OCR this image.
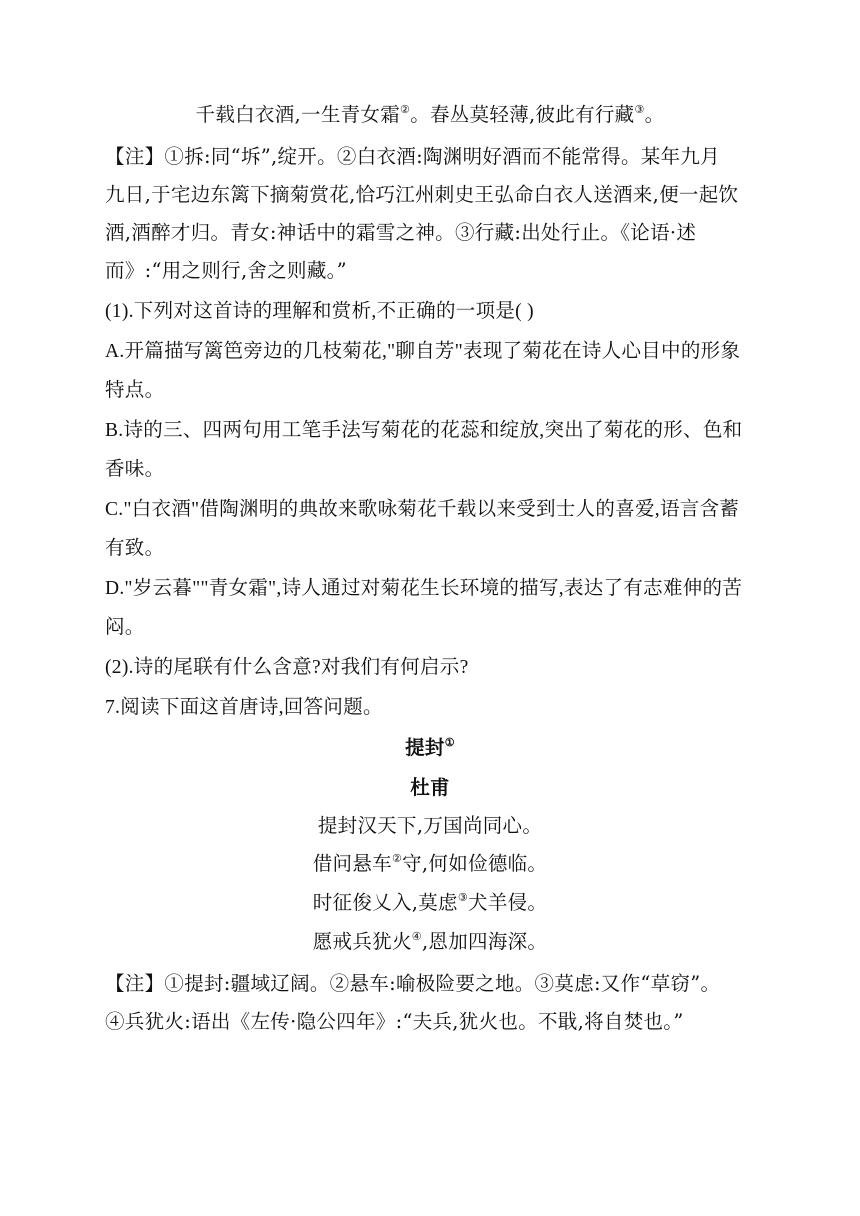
千载白衣酒,一生青女霜②。春丛莫轻薄,彼此有行藏③。
【注】①拆:同“坼”,绽开。②白衣酒:陶渊明好酒而不能常得。某年九月
九日,于宅边东篱下摘菊赏花,恰巧江州刺史王弘命白衣人送酒来,便一起饮
酒,酒醉才归。青女:神话中的霜雪之神。③行藏:出处行止。《论语·述
而》:“用之则行,舍之则藏。”
(1).下列对这首诗的理解和赏析,不正确的一项是( )
A.开篇描写篱笆旁边的几枝菊花,"聊自芳"表现了菊花在诗人心目中的形象
特点。
B.诗的三、四两句用工笔手法写菊花的花蕊和绽放,突出了菊花的形、色和
香味。
C."白衣酒"借陶渊明的典故来歌咏菊花千载以来受到士人的喜爱,语言含蓄
有致。
D."岁云暮""青女霜",诗人通过对菊花生长环境的描写,表达了有志难伸的苦
闷。
(2).诗的尾联有什么含意?对我们有何启示?
7.阅读下面这首唐诗,回答问题。
提封①
杜甫
提封汉天下,万国尚同心。
借问悬车②守,何如俭德临。
时征俊乂入,莫虑③犬羊侵。
愿戒兵犹火④,恩加四海深。
【注】①提封:疆域辽阔。②悬车:喻极险要之地。③莫虑:又作“草窃”。
④兵犹火:语出《左传·隐公四年》:“夫兵,犹火也。不戢,将自焚也。”
